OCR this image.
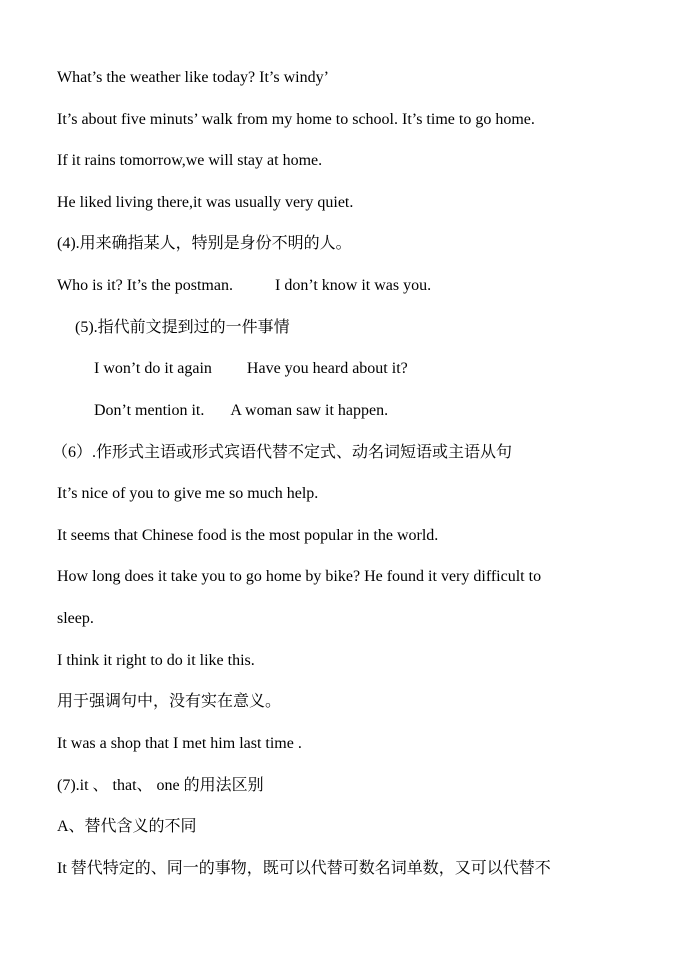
What’s the weather like today? It’s windy’
It’s about five minuts’ walk from my home to school. It’s time to go home.
If it rains tomorrow,we will stay at home.
He liked living there,it was usually very quiet.
(4).用来确指某人，特别是身份不明的人。
Who is it? It’s the postman.	I don’t know it was you.
(5).指代前文提到过的一件事情
I won’t do it again Have you heard about it?
Don’t mention it. A woman saw it happen.
（6）.作形式主语或形式宾语代替不定式、动名词短语或主语从句
It’s nice of you to give me so much help.
It seems that Chinese food is the most popular in the world.
How long does it take you to go home by bike? He found it very difficult to
sleep.
I think it right to do it like this.
用于强调句中，没有实在意义。
It was a shop that I met him last time .
(7).it 、 that、 one 的用法区别
A、替代含义的不同
It 替代特定的、同一的事物，既可以代替可数名词单数，又可以代替不
